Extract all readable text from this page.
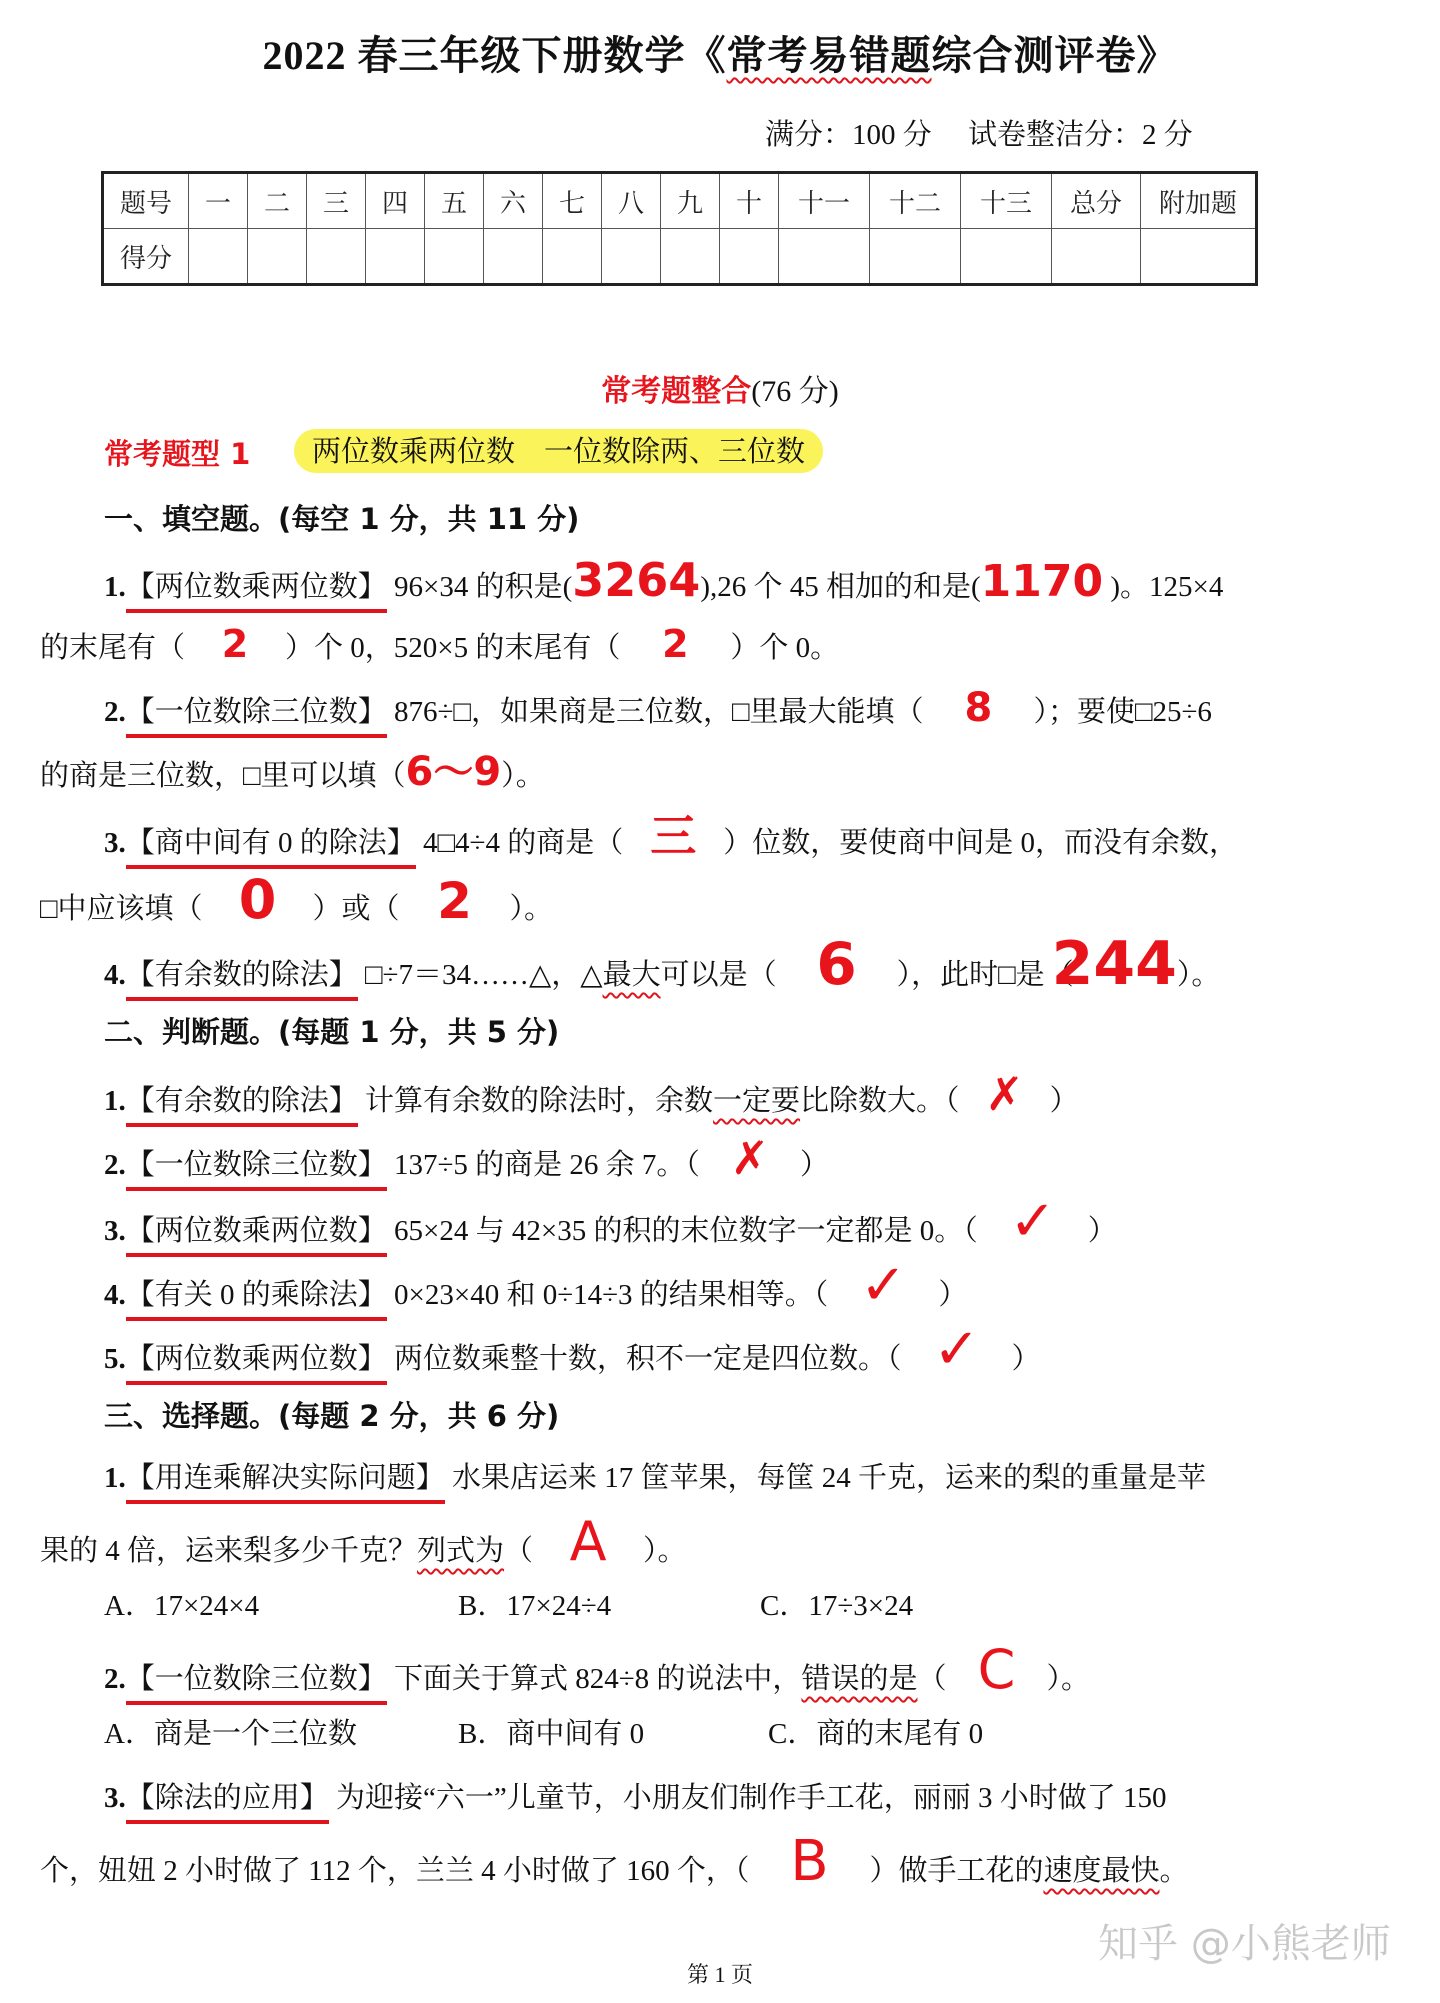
2022 春三年级下册数学《常考易错题综合测评卷》
满分：100 分  试卷整洁分：2 分
题号	一	二	三	四	五	六	七	八	九	十	十一	十二	十三	总分	附加题
得分															
常考题整合(76 分)
常考题型 1	两位数乘两位数　一位数除两、三位数
一、填空题。(每空 1 分，共 11 分)
1.【两位数乘两位数】 96×34 的积是(3264),26 个 45 相加的和是(1170 )。125×4
的末尾有（ 2 ）个 0，520×5 的末尾有（ 2 ）个 0。
2.【一位数除三位数】 876÷□，如果商是三位数，□里最大能填（ 8 ）；要使□25÷6
的商是三位数，□里可以填（6～9）。
3.【商中间有 0 的除法】 4□4÷4 的商是（ 三 ）位数，要使商中间是 0，而没有余数，
□中应该填（ 0 ）或（ 2 ）。
4.【有余数的除法】 □÷7＝34……△，△最大可以是（ 6 ），此时□是（244）。
二、判断题。(每题 1 分，共 5 分)
1.【有余数的除法】 计算有余数的除法时，余数一定要比除数大。（ ✗ ）
2.【一位数除三位数】 137÷5 的商是 26 余 7。（ ✗ ）
3.【两位数乘两位数】 65×24 与 42×35 的积的末位数字一定都是 0。（ ✓ ）
4.【有关 0 的乘除法】 0×23×40 和 0÷14÷3 的结果相等。（ ✓ ）
5.【两位数乘两位数】 两位数乘整十数，积不一定是四位数。（ ✓ ）
三、选择题。(每题 2 分，共 6 分)
1.【用连乘解决实际问题】 水果店运来 17 筐苹果，每筐 24 千克，运来的梨的重量是苹
果的 4 倍，运来梨多少千克？列式为（ A ）。
A．17×24×4	B．17×24÷4	C．17÷3×24
2.【一位数除三位数】 下面关于算式 824÷8 的说法中，错误的是（ C ）。
A．商是一个三位数	B．商中间有 0	C．商的末尾有 0
3.【除法的应用】 为迎接“六一”儿童节，小朋友们制作手工花，丽丽 3 小时做了 150
个，妞妞 2 小时做了 112 个，兰兰 4 小时做了 160 个，（ B ）做手工花的速度最快。
知乎 @小熊老师
第 1 页
